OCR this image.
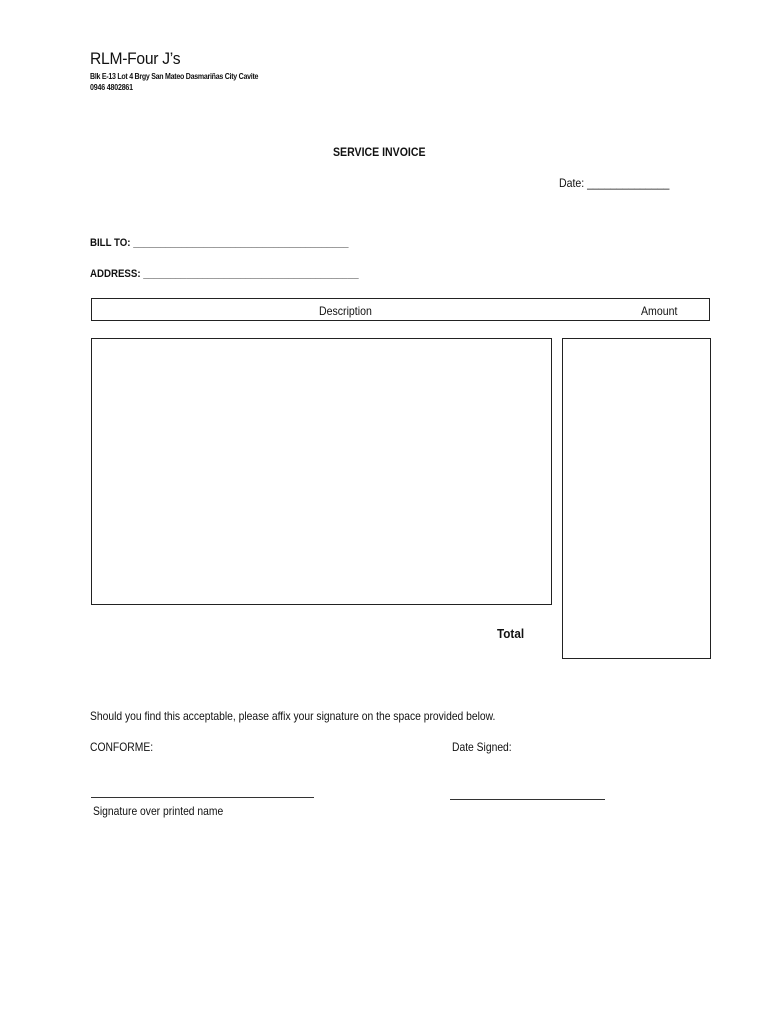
RLM-Four J’s
Blk E-13 Lot 4 Brgy San Mateo Dasmariñas City Cavite
0946 4802861
SERVICE INVOICE
Date: ______________
BILL TO: ________________________________________
ADDRESS: ________________________________________
Description	Amount
Total
Should you find this acceptable, please affix your signature on the space provided below.
CONFORME:	Date Signed:
Signature over printed name
